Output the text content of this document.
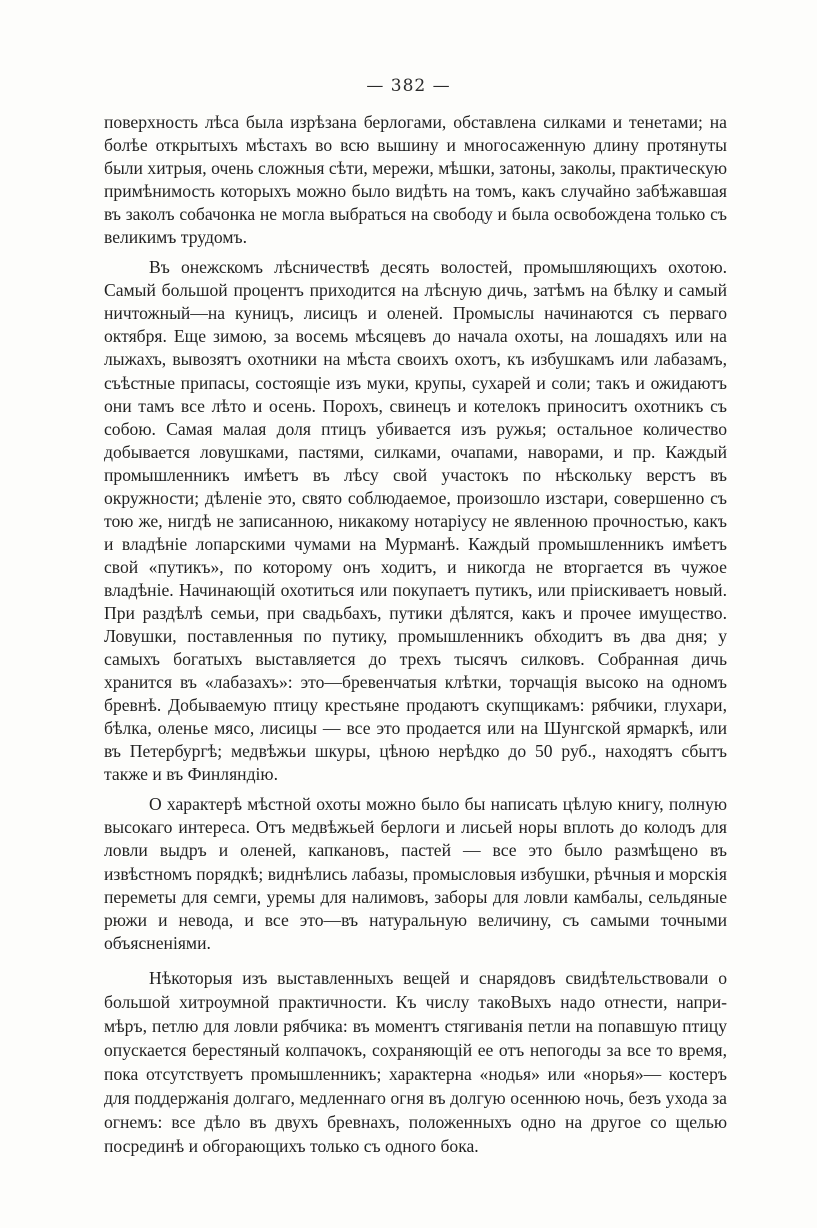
— 382 —

поверхность лѣса была изрѣзана берлогами, обставлена силками и тенетами; на болѣе открытыхъ мѣстахъ во всю вышину и многосаженную длину протянуты были хитрыя, очень сложныя сѣти, мережи, мѣшки, затоны, заколы, практическую примѣнимость которыхъ можно было видѣть на томъ, какъ случайно забѣжавшая въ заколъ собачонка не могла выбраться на свободу и была освобождена только съ великимъ трудомъ.

Въ онежскомъ лѣсничествѣ десять волостей, промышляющихъ охотою. Самый большой процентъ приходится на лѣсную дичь, затѣмъ на бѣлку и самый ничтожный—на куницъ, лисицъ и оленей. Промыслы начинаются съ перваго октября. Еще зимою, за восемь мѣсяцевъ до начала охоты, на лошадяхъ или на лыжахъ, вывозятъ охотники на мѣста своихъ охотъ, къ избушкамъ или лабазамъ, съѣстные припасы, состоящіе изъ муки, крупы, сухарей и соли; такъ и ожидаютъ они тамъ все лѣто и осень. Порохъ, свинецъ и котелокъ приноситъ охотникъ съ собою. Самая малая доля птицъ убивается изъ ружья; остальное количество добывается ловушками, пастями, силками, очапами, наворами, и пр. Каждый промышленникъ имѣетъ въ лѣсу свой участокъ по нѣскольку верстъ въ окружности; дѣленіе это, свято соблюдаемое, произошло изстари, совершенно съ тою же, нигдѣ не записанною, никакому нотаріусу не явленною прочностью, какъ и владѣніе лопарскими чумами на Мурманѣ. Каждый промышленникъ имѣетъ свой «путикъ», по которому онъ ходитъ, и никогда не вторгается въ чужое владѣніе. Начинающій охотиться или покупаетъ путикъ, или пріискиваетъ новый. При раздѣлѣ семьи, при свадьбахъ, путики дѣлятся, какъ и прочее имущество. Ловушки, поставленныя по путику, промышленникъ обходитъ въ два дня; у самыхъ богатыхъ выставляется до трехъ тысячъ силковъ. Собранная дичь хранится въ «лабазахъ»: это—бревенчатыя клѣтки, торчащія высоко на одномъ бревнѣ. Добываемую птицу крестьяне продаютъ скупщикамъ: рябчики, глухари, бѣлка, оленье мясо, лисицы — все это продается или на Шунгской ярмаркѣ, или въ Петербургѣ; медвѣжьи шкуры, цѣною нерѣдко до 50 руб., находятъ сбытъ также и въ Финляндію.

О характерѣ мѣстной охоты можно было бы написать цѣлую книгу, полную высокаго интереса. Отъ медвѣжьей берлоги и лисьей норы вплоть до колодъ для ловли выдръ и оленей, капкановъ, пастей — все это было размѣщено въ извѣстномъ порядкѣ; виднѣлись лабазы, промысловыя избушки, рѣчныя и морскія переметы для семги, уремы для налимовъ, заборы для ловли камбалы, сельдяные рюжи и невода, и все это—въ натуральную величину, съ самыми точными объясненіями.

Нѣкоторыя изъ выставленныхъ вещей и снарядовъ свидѣтельствовали о большой хитроумной практичности. Къ числу такоВыхъ надо отнести, напримѣръ, петлю для ловли рябчика: въ моментъ стягиванія петли на попавшую птицу опускается берестяный колпачокъ, сохраняющій ее отъ непогоды за все то время, пока отсутствуетъ промышленникъ; характерна «нодья» или «норья»— костеръ для поддержанія долгаго, медленнаго огня въ долгую осеннюю ночь, безъ ухода за огнемъ: все дѣло въ двухъ бревнахъ, положенныхъ одно на другое со щелью посрединѣ и обгорающихъ только съ одного бока.
